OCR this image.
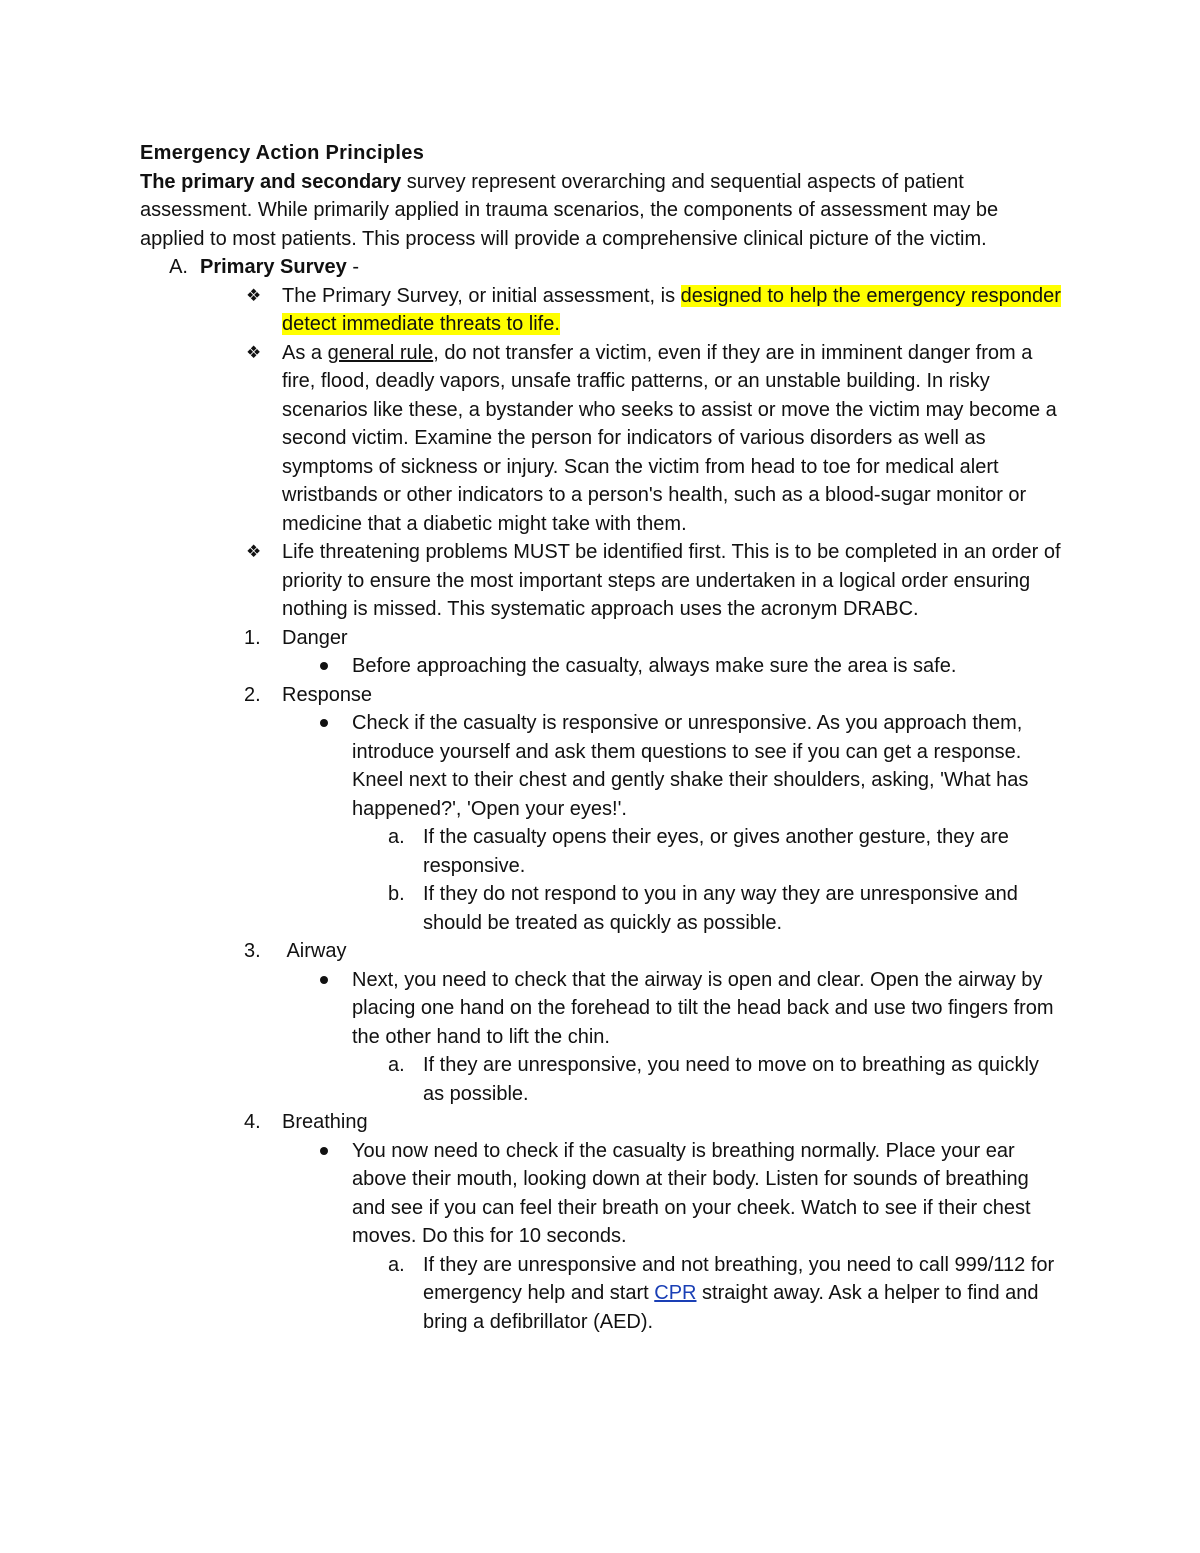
Emergency Action Principles
The primary and secondary survey represent overarching and sequential aspects of patient assessment. While primarily applied in trauma scenarios, the components of assessment may be applied to most patients. This process will provide a comprehensive clinical picture of the victim.
A. Primary Survey -
❖	The Primary Survey, or initial assessment, is designed to help the emergency responder detect immediate threats to life.
❖	As a general rule, do not transfer a victim, even if they are in imminent danger from a fire, flood, deadly vapors, unsafe traffic patterns, or an unstable building. In risky scenarios like these, a bystander who seeks to assist or move the victim may become a second victim. Examine the person for indicators of various disorders as well as symptoms of sickness or injury. Scan the victim from head to toe for medical alert wristbands or other indicators to a person's health, such as a blood-sugar monitor or medicine that a diabetic might take with them.
❖	Life threatening problems MUST be identified first. This is to be completed in an order of priority to ensure the most important steps are undertaken in a logical order ensuring nothing is missed. This systematic approach uses the acronym DRABC.
1.	Danger
Before approaching the casualty, always make sure the area is safe.
2.	Response
Check if the casualty is responsive or unresponsive. As you approach them, introduce yourself and ask them questions to see if you can get a response. Kneel next to their chest and gently shake their shoulders, asking, 'What has happened?', 'Open your eyes!'.
a. If the casualty opens their eyes, or gives another gesture, they are responsive.
b. If they do not respond to you in any way they are unresponsive and should be treated as quickly as possible.
3.	Airway
Next, you need to check that the airway is open and clear. Open the airway by placing one hand on the forehead to tilt the head back and use two fingers from the other hand to lift the chin.
a. If they are unresponsive, you need to move on to breathing as quickly as possible.
4.	Breathing
You now need to check if the casualty is breathing normally. Place your ear above their mouth, looking down at their body. Listen for sounds of breathing and see if you can feel their breath on your cheek. Watch to see if their chest moves. Do this for 10 seconds.
a. If they are unresponsive and not breathing, you need to call 999/112 for emergency help and start CPR straight away. Ask a helper to find and bring a defibrillator (AED).
